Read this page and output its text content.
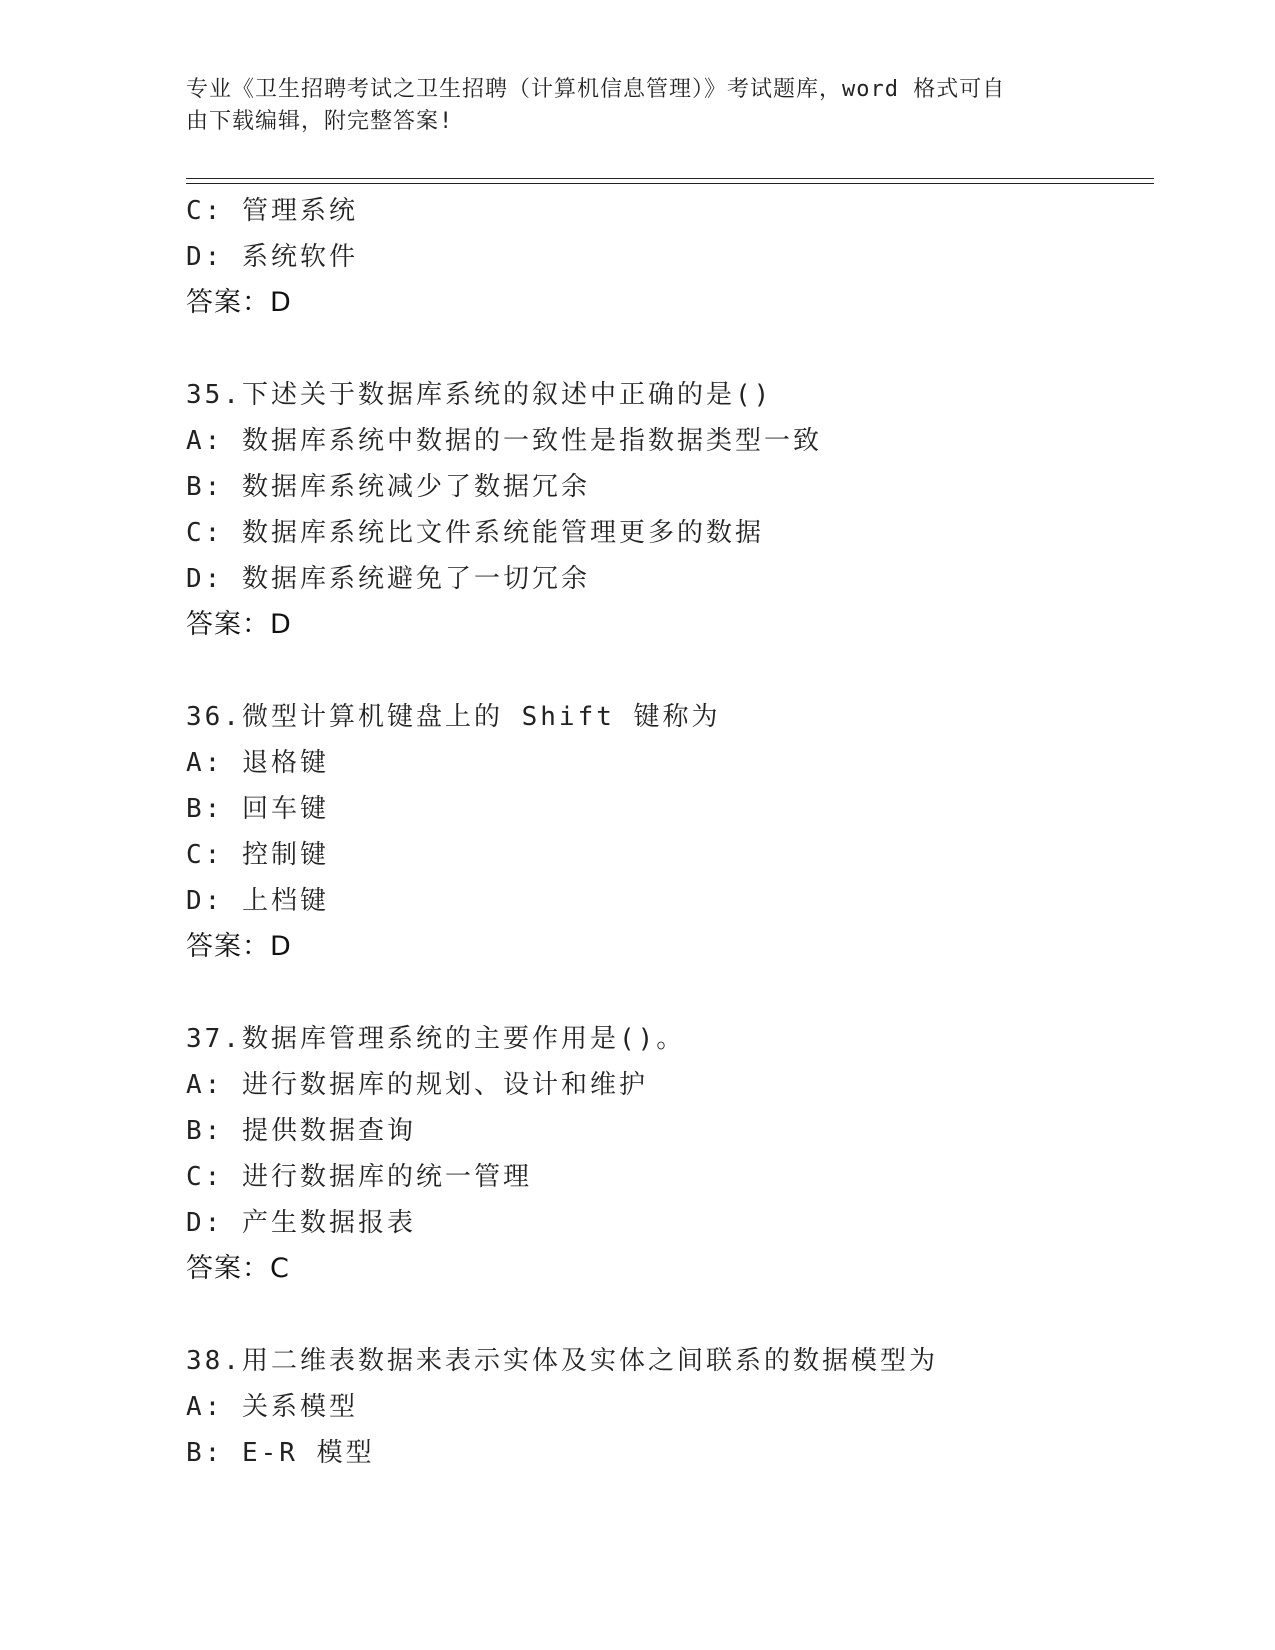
专业《卫生招聘考试之卫生招聘（计算机信息管理）》考试题库，word 格式可自
由下载编辑，附完整答案!
C: 管理系统
D: 系统软件
答案：D
35.下述关于数据库系统的叙述中正确的是()
A: 数据库系统中数据的一致性是指数据类型一致
B: 数据库系统减少了数据冗余
C: 数据库系统比文件系统能管理更多的数据
D: 数据库系统避免了一切冗余
答案：D
36.微型计算机键盘上的 Shift 键称为
A: 退格键
B: 回车键
C: 控制键
D: 上档键
答案：D
37.数据库管理系统的主要作用是()。
A: 进行数据库的规划、设计和维护
B: 提供数据查询
C: 进行数据库的统一管理
D: 产生数据报表
答案：C
38.用二维表数据来表示实体及实体之间联系的数据模型为
A: 关系模型
B: E-R 模型
